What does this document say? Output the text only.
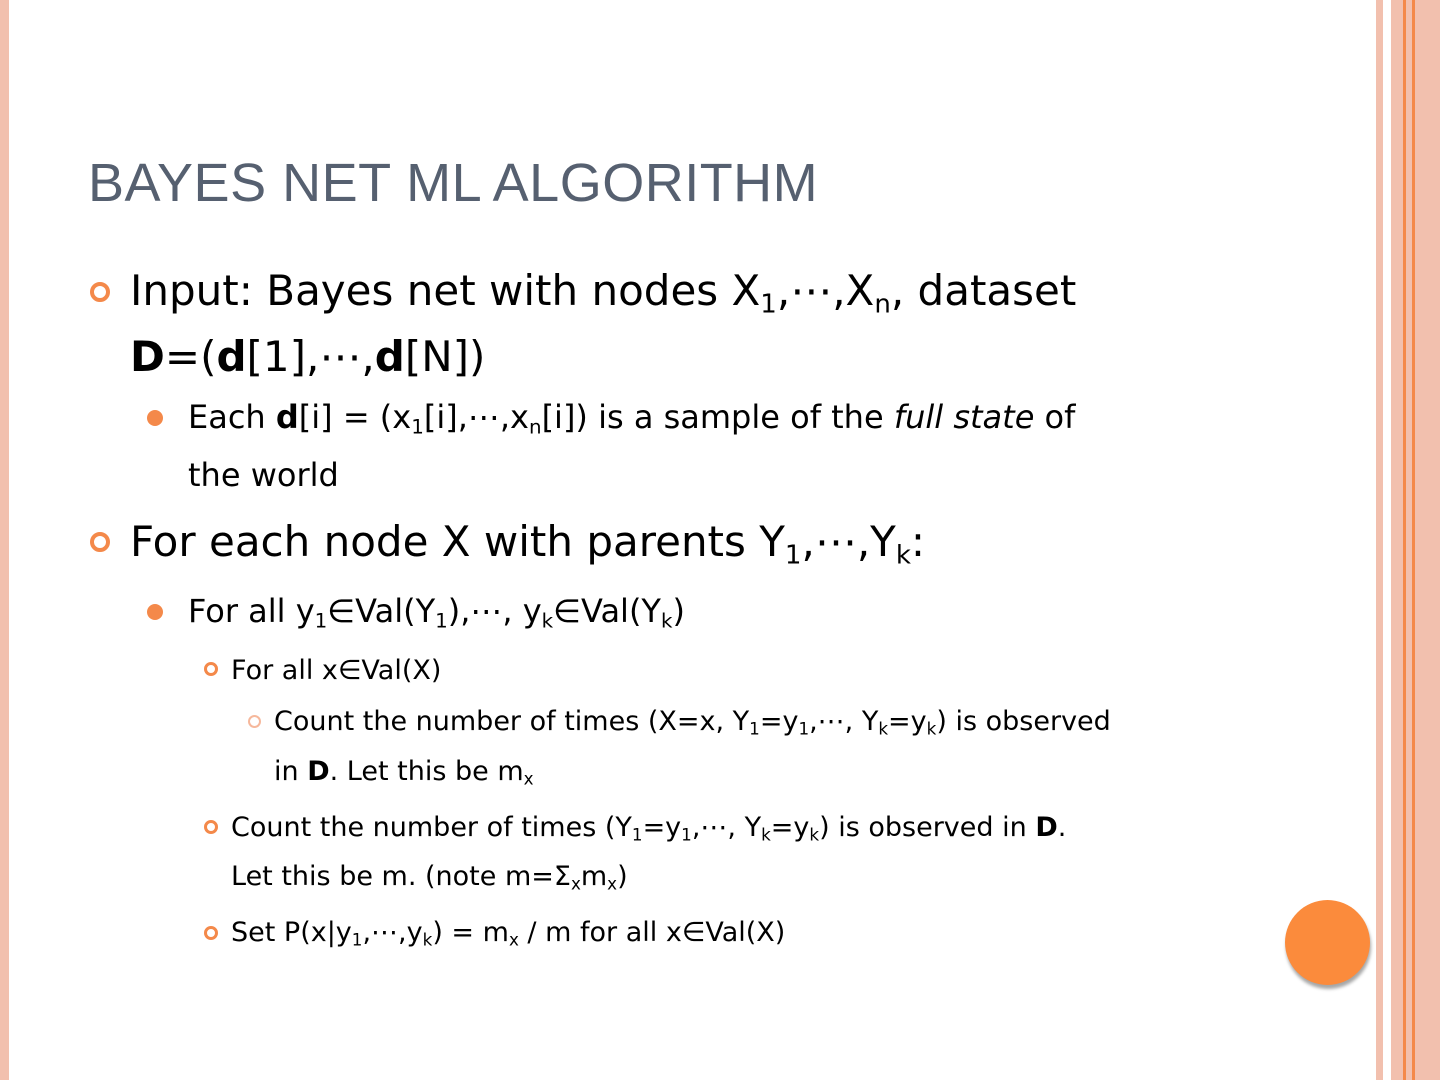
BAYES NET ML ALGORITHM
Input: Bayes net with nodes $X_1,\cdots,X_n$, dataset
D=(d[1],⋯,d[N])
Each $d[i] = (x_1[i],\cdots,x_n[i])$ is a sample of the full state of
the world
For each node X with parents $Y_1,\cdots,Y_k$:
For all $y_1\in Val(Y_1),\cdots$, $y_k\in Val(Y_k)$
For all x∈Val(X)
Count the number of times (X=x, $Y_1=y_1,\cdots$, $Y_k=y_k$) is observed
in D. Let this be $m_x$
Count the number of times ($Y_1=y_1,\cdots$, $Y_k=y_k$) is observed in D.
Let this be m. (note $m=\Sigma_xm_x$)
Set $P(x|y_1,\cdots,y_k) = m_x / m$ for all x∈Val(X)
